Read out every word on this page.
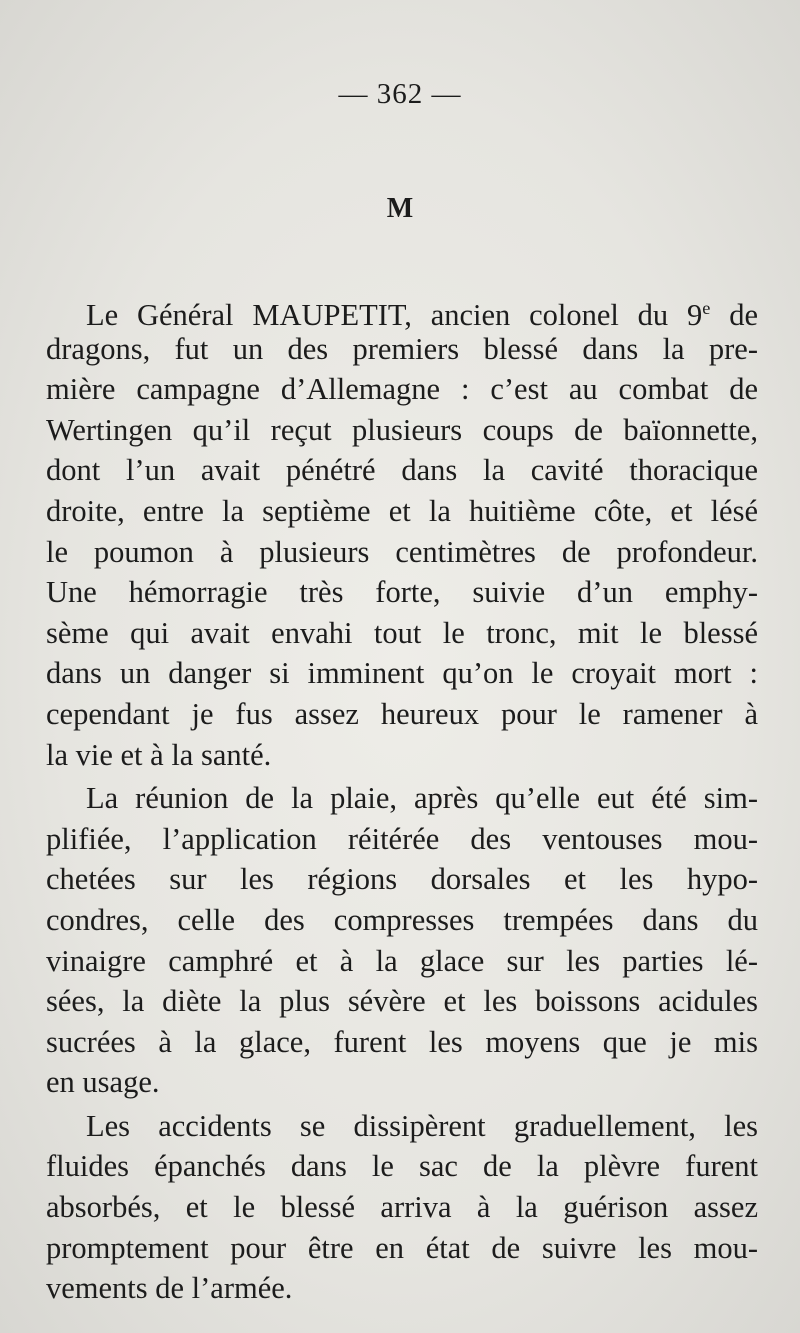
— 362 —
M
Le Général MAUPETIT, ancien colonel du 9e de
dragons, fut un des premiers blessé dans la pre-
mière campagne d’Allemagne : c’est au combat de
Wertingen qu’il reçut plusieurs coups de baïonnette,
dont l’un avait pénétré dans la cavité thoracique
droite, entre la septième et la huitième côte, et lésé
le poumon à plusieurs centimètres de profondeur.
Une hémorragie très forte, suivie d’un emphy-
sème qui avait envahi tout le tronc, mit le blessé
dans un danger si imminent qu’on le croyait mort :
cependant je fus assez heureux pour le ramener à
la vie et à la santé.
La réunion de la plaie, après qu’elle eut été sim-
plifiée, l’application réitérée des ventouses mou-
chetées sur les régions dorsales et les hypo-
condres, celle des compresses trempées dans du
vinaigre camphré et à la glace sur les parties lé-
sées, la diète la plus sévère et les boissons acidules
sucrées à la glace, furent les moyens que je mis
en usage.
Les accidents se dissipèrent graduellement, les
fluides épanchés dans le sac de la plèvre furent
absorbés, et le blessé arriva à la guérison assez
promptement pour être en état de suivre les mou-
vements de l’armée.
